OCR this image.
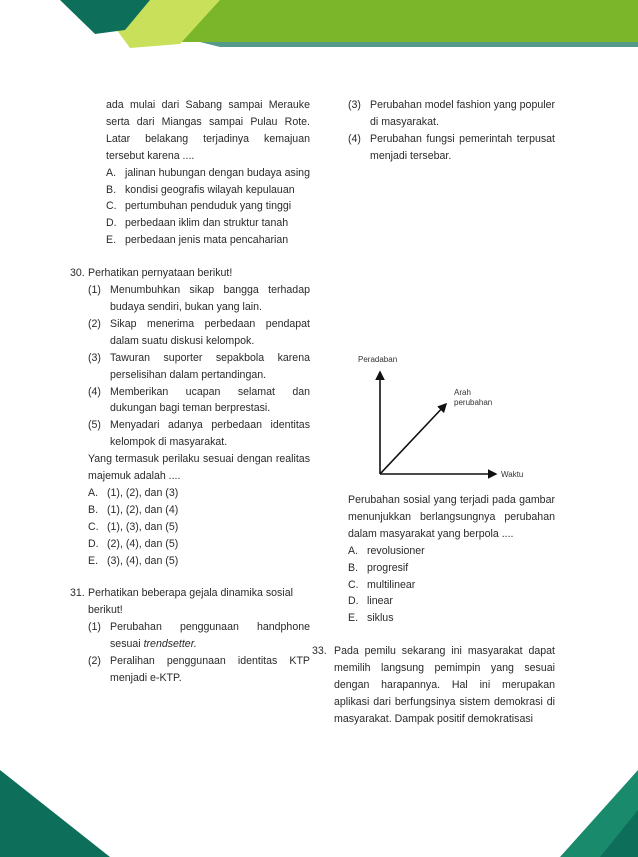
ada mulai dari Sabang sampai Merauke serta dari Miangas sampai Pulau Rote. Latar belakang terjadinya kemajuan tersebut karena ....
A. jalinan hubungan dengan budaya asing
B. kondisi geografis wilayah kepulauan
C. pertumbuhan penduduk yang tinggi
D. perbedaan iklim dan struktur tanah
E. perbedaan jenis mata pencaharian
30. Perhatikan pernyataan berikut!
(1) Menumbuhkan sikap bangga terhadap budaya sendiri, bukan yang lain.
(2) Sikap menerima perbedaan pendapat dalam suatu diskusi kelompok.
(3) Tawuran suporter sepakbola karena perselisihan dalam pertandingan.
(4) Memberikan ucapan selamat dan dukungan bagi teman berprestasi.
(5) Menyadari adanya perbedaan identitas kelompok di masyarakat.
Yang termasuk perilaku sesuai dengan realitas majemuk adalah ....
A. (1), (2), dan (3)
B. (1), (2), dan (4)
C. (1), (3), dan (5)
D. (2), (4), dan (5)
E. (3), (4), dan (5)
31. Perhatikan beberapa gejala dinamika sosial berikut!
(1) Perubahan penggunaan handphone sesuai trendsetter.
(2) Peralihan penggunaan identitas KTP menjadi e-KTP.
(3) Perubahan model fashion yang populer di masyarakat.
(4) Perubahan fungsi pemerintah terpusat menjadi tersebar.
Peradaban
Arah
perubahan
Waktu
Perubahan sosial yang terjadi pada gambar menunjukkan berlangsungnya perubahan dalam masyarakat yang berpola ....
A. revolusioner
B. progresif
C. multilinear
D. linear
E. siklus
33. Pada pemilu sekarang ini masyarakat dapat memilih langsung pemimpin yang sesuai dengan harapannya. Hal ini merupakan aplikasi dari berfungsinya sistem demokrasi di masyarakat. Dampak positif demokratisasi
